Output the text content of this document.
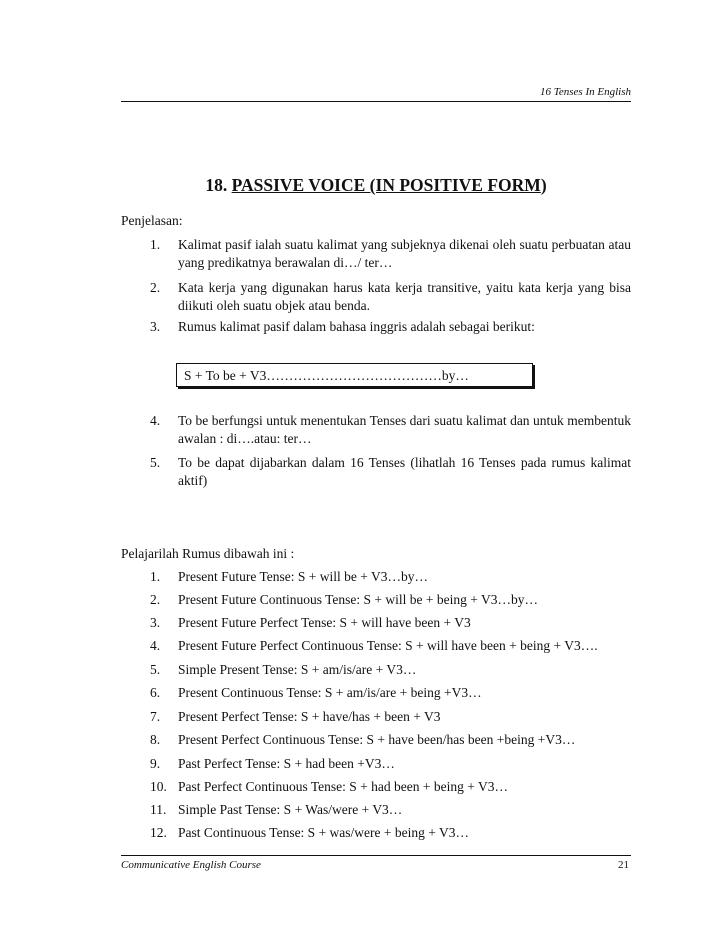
16 Tenses In English
18. PASSIVE VOICE (IN POSITIVE FORM)
Penjelasan:
1. Kalimat pasif ialah suatu kalimat yang subjeknya dikenai oleh suatu perbuatan atau yang predikatnya berawalan di…/ ter…
2. Kata kerja yang digunakan harus kata kerja transitive, yaitu kata kerja yang bisa diikuti oleh suatu objek atau benda.
3. Rumus kalimat pasif dalam bahasa inggris adalah sebagai berikut:
S + To be + V3…………………………………by…
4. To be berfungsi untuk menentukan Tenses dari suatu kalimat dan untuk membentuk awalan : di….atau: ter…
5. To be dapat dijabarkan dalam 16 Tenses (lihatlah 16 Tenses pada rumus kalimat aktif)
Pelajarilah Rumus dibawah ini :
1. Present Future Tense: S + will be + V3…by…
2. Present Future Continuous Tense: S + will be + being + V3…by…
3. Present Future Perfect Tense: S + will have been + V3
4. Present Future Perfect Continuous Tense: S + will have been + being + V3….
5. Simple Present Tense: S + am/is/are + V3…
6. Present Continuous Tense: S + am/is/are + being +V3…
7. Present Perfect Tense: S + have/has + been + V3
8. Present Perfect Continuous Tense: S + have been/has been +being +V3…
9. Past Perfect Tense: S + had been +V3…
10. Past Perfect Continuous Tense: S + had been + being + V3…
11. Simple Past Tense: S + Was/were + V3…
12. Past Continuous Tense: S + was/were + being + V3…
Communicative English Course	21
